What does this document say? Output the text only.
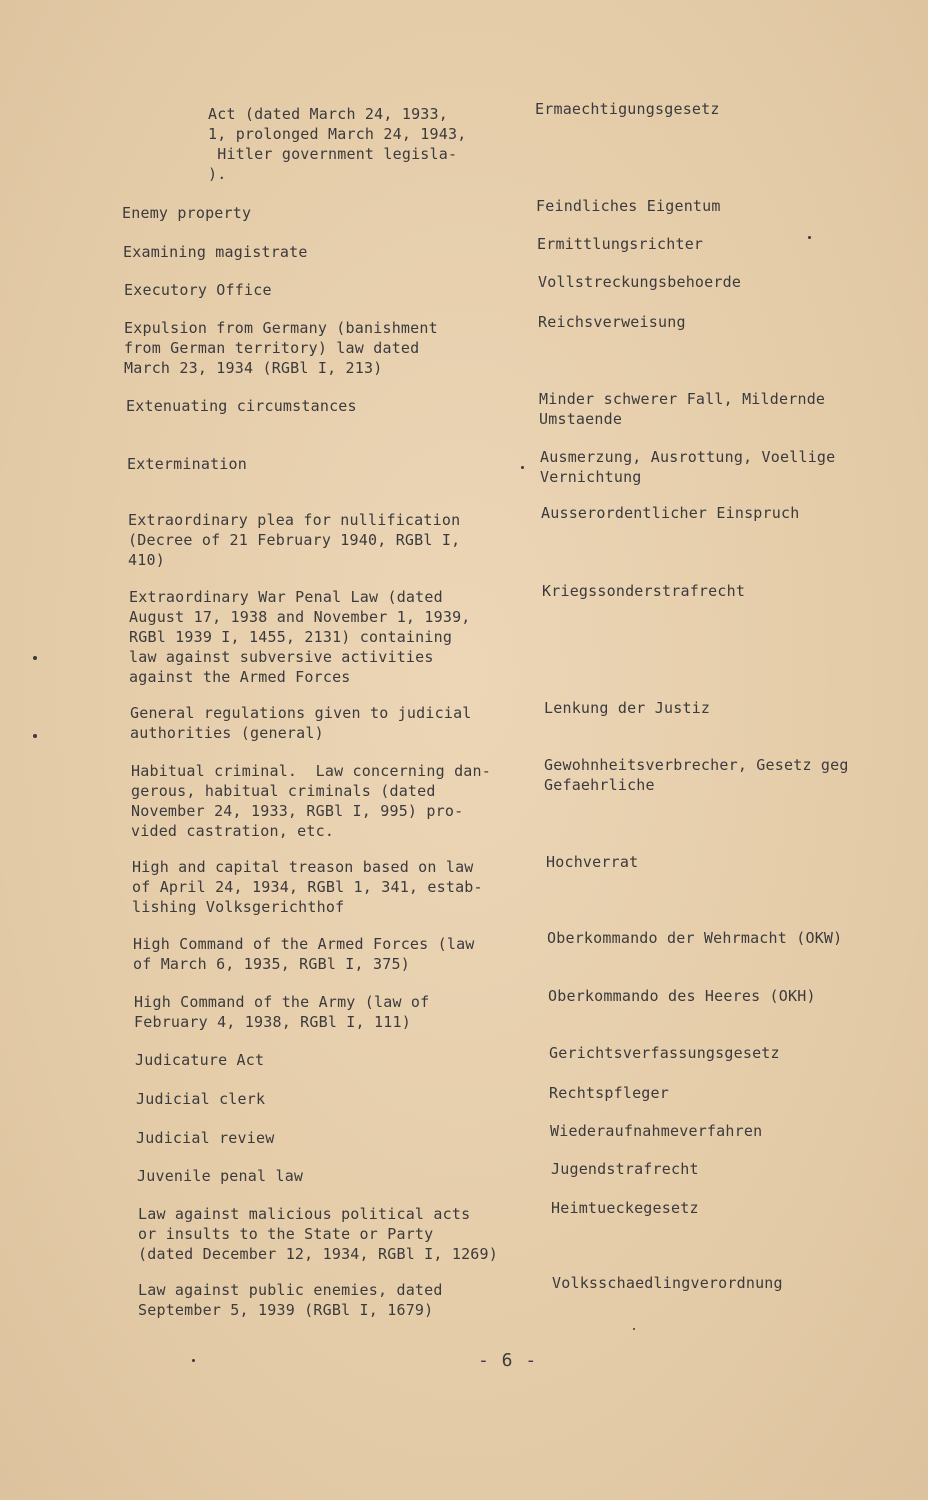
Act (dated March 24, 1933,
1, prolonged March 24, 1943,
Hitler government legisla-
).
Ermaechtigungsgesetz
Enemy property	Feindliches Eigentum
Examining magistrate	Ermittlungsrichter
Executory Office	Vollstreckungsbehoerde
Expulsion from Germany (banishment
from German territory) law dated
March 23, 1934 (RGBl I, 213)
Reichsverweisung
Extenuating circumstances	Minder schwerer Fall, Mildernde
Umstaende
Extermination	Ausmerzung, Ausrottung, Voellige
Vernichtung
Extraordinary plea for nullification
(Decree of 21 February 1940, RGBl I,
410)
Ausserordentlicher Einspruch
Extraordinary War Penal Law (dated
August 17, 1938 and November 1, 1939,
RGBl 1939 I, 1455, 2131) containing
law against subversive activities
against the Armed Forces
Kriegssonderstrafrecht
General regulations given to judicial
authorities (general)
Lenkung der Justiz
Habitual criminal.  Law concerning dan-
gerous, habitual criminals (dated
November 24, 1933, RGBl I, 995) pro-
vided castration, etc.
Gewohnheitsverbrecher, Gesetz geg
Gefaehrliche
High and capital treason based on law
of April 24, 1934, RGBl 1, 341, estab-
lishing Volksgerichthof
Hochverrat
High Command of the Armed Forces (law
of March 6, 1935, RGBl I, 375)
Oberkommando der Wehrmacht (OKW)
High Command of the Army (law of
February 4, 1938, RGBl I, 111)
Oberkommando des Heeres (OKH)
Judicature Act	Gerichtsverfassungsgesetz
Judicial clerk	Rechtspfleger
Judicial review	Wiederaufnahmeverfahren
Juvenile penal law	Jugendstrafrecht
Law against malicious political acts
or insults to the State or Party
(dated December 12, 1934, RGBl I, 1269)
Heimtueckegesetz
Law against public enemies, dated
September 5, 1939 (RGBl I, 1679)
Volksschaedlingverordnung
- 6 -
